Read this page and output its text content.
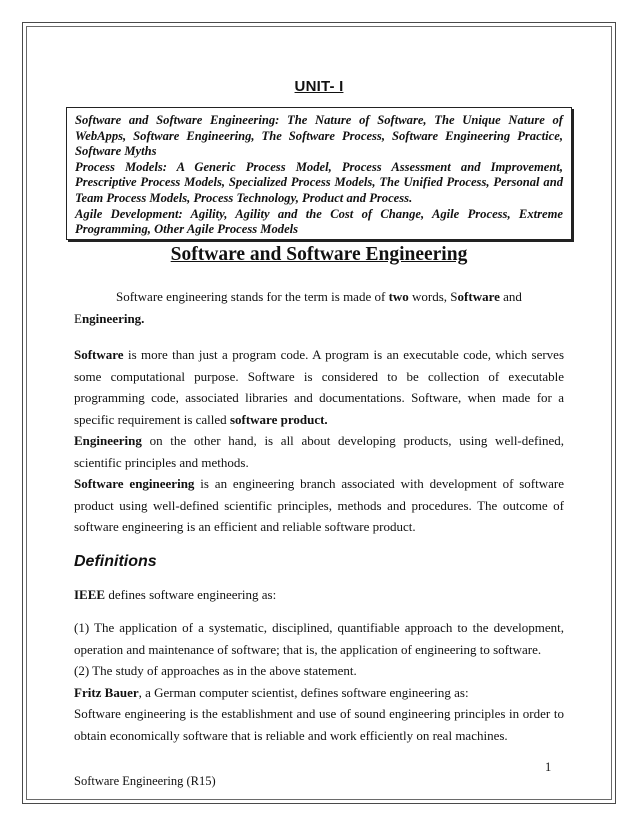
UNIT- I

Software and Software Engineering: The Nature of Software, The Unique Nature of WebApps, Software Engineering, The Software Process, Software Engineering Practice, Software Myths

Process Models: A Generic Process Model, Process Assessment and Improvement, Prescriptive Process Models, Specialized Process Models, The Unified Process, Personal and Team Process Models, Process Technology, Product and Process.

Agile Development: Agility, Agility and the Cost of Change, Agile Process, Extreme Programming, Other Agile Process Models

Software and Software Engineering

Software engineering stands for the term is made of two words, Software and

Engineering.

Software is more than just a program code. A program is an executable code, which serves some computational purpose. Software is considered to be collection of executable programming code, associated libraries and documentations. Software, when made for a specific requirement is called software product.

Engineering on the other hand, is all about developing products, using well-defined, scientific principles and methods.

Software engineering is an engineering branch associated with development of software product using well-defined scientific principles, methods and procedures. The outcome of software engineering is an efficient and reliable software product.

Definitions

IEEE defines software engineering as:

(1) The application of a systematic, disciplined, quantifiable approach to the development, operation and maintenance of software; that is, the application of engineering to software.

(2) The study of approaches as in the above statement.

Fritz Bauer, a German computer scientist, defines software engineering as:

Software engineering is the establishment and use of sound engineering principles in order to obtain economically software that is reliable and work efficiently on real machines.

1
Software Engineering (R15)
